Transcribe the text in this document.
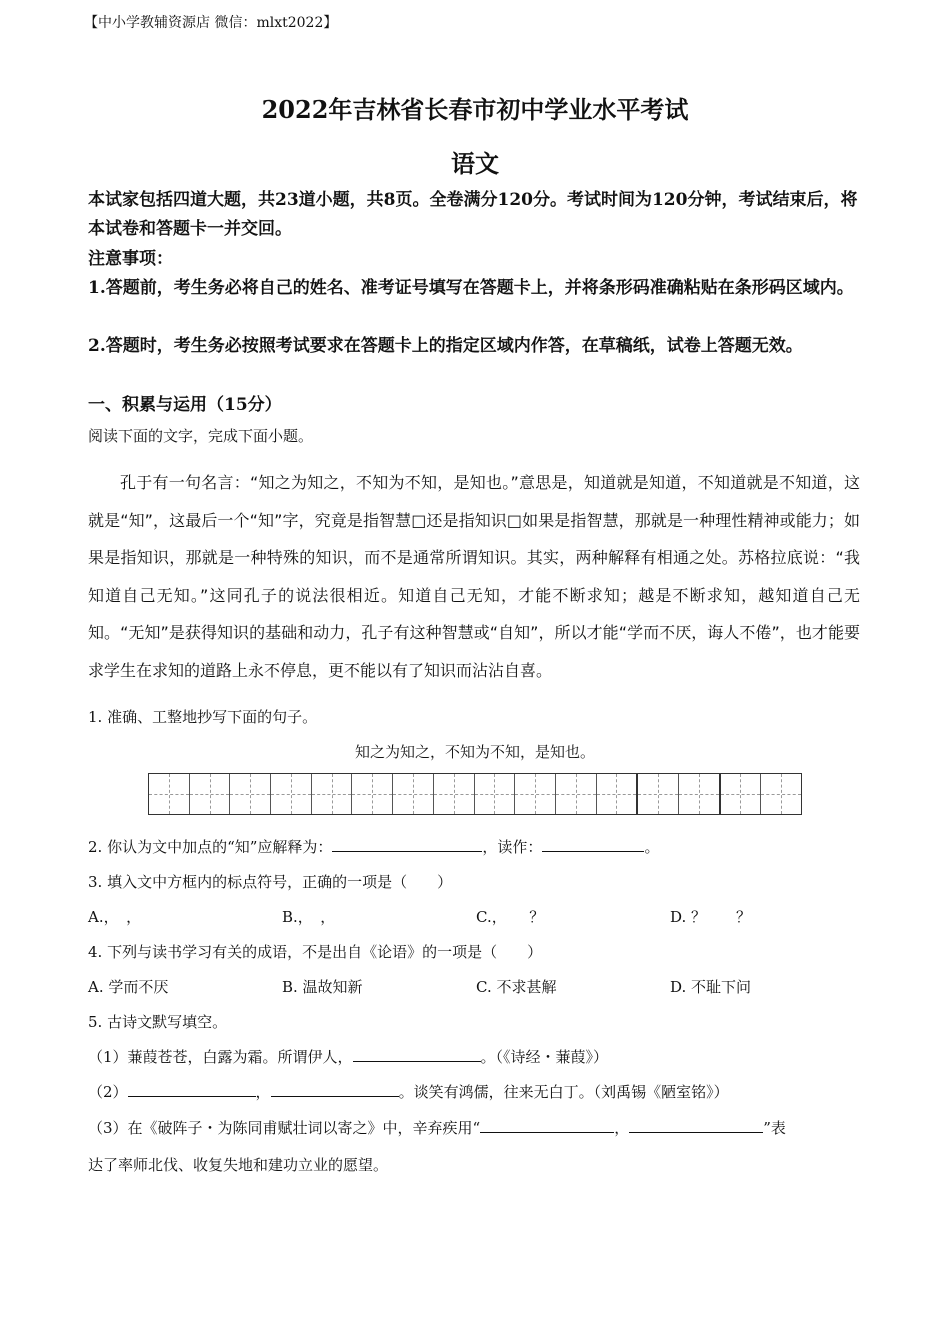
【中小学教辅资源店 微信：mlxt2022】
2022年吉林省长春市初中学业水平考试
语文
本试家包括四道大题，共23道小题，共8页。全卷满分120分。考试时间为120分钟，考试结束后，将本试卷和答题卡一并交回。
注意事项：
1.答题前，考生务必将自己的姓名、准考证号填写在答题卡上，并将条形码准确粘贴在条形码区域内。
2.答题时，考生务必按照考试要求在答题卡上的指定区域内作答，在草稿纸，试卷上答题无效。
一、积累与运用（15分）
阅读下面的文字，完成下面小题。
孔于有一句名言：“知之为知之，不知为不知，是知也。”意思是，知道就是知道，不知道就是不知道，这就是“知”，这最后一个“知”字，究竟是指智慧□还是指知识□如果是指智慧，那就是一种理性精神或能力；如果是指知识，那就是一种特殊的知识，而不是通常所谓知识。其实，两种解释有相通之处。苏格拉底说：“我知道自己无知。”这同孔子的说法很相近。知道自己无知，才能不断求知；越是不断求知，越知道自己无知。“无知”是获得知识的基础和动力，孔子有这种智慧或“自知”，所以才能“学而不厌，诲人不倦”，也才能要求学生在求知的道路上永不停息，更不能以有了知识而沾沾自喜。
1. 准确、工整地抄写下面的句子。
知之为知之，不知为不知，是知也。
2. 你认为文中加点的“知”应解释为：	，读作：	。
3. 填入文中方框内的标点符号，正确的一项是（　　）
A.，　，	B.，　，	C.，　　？	D. ？　　？
4. 下列与读书学习有关的成语，不是出自《论语》的一项是（　　）
A. 学而不厌	B. 温故知新	C. 不求甚解	D. 不耻下问
5. 古诗文默写填空。
（1）蒹葭苍苍，白露为霜。所谓伊人，	。（《诗经・蒹葭》）
（2）	，	。谈笑有鸿儒，往来无白丁。（刘禹锡《陋室铭》）
（3）在《破阵子・为陈同甫赋壮词以寄之》中，辛弃疾用“	，	”表
达了率师北伐、收复失地和建功立业的愿望。
